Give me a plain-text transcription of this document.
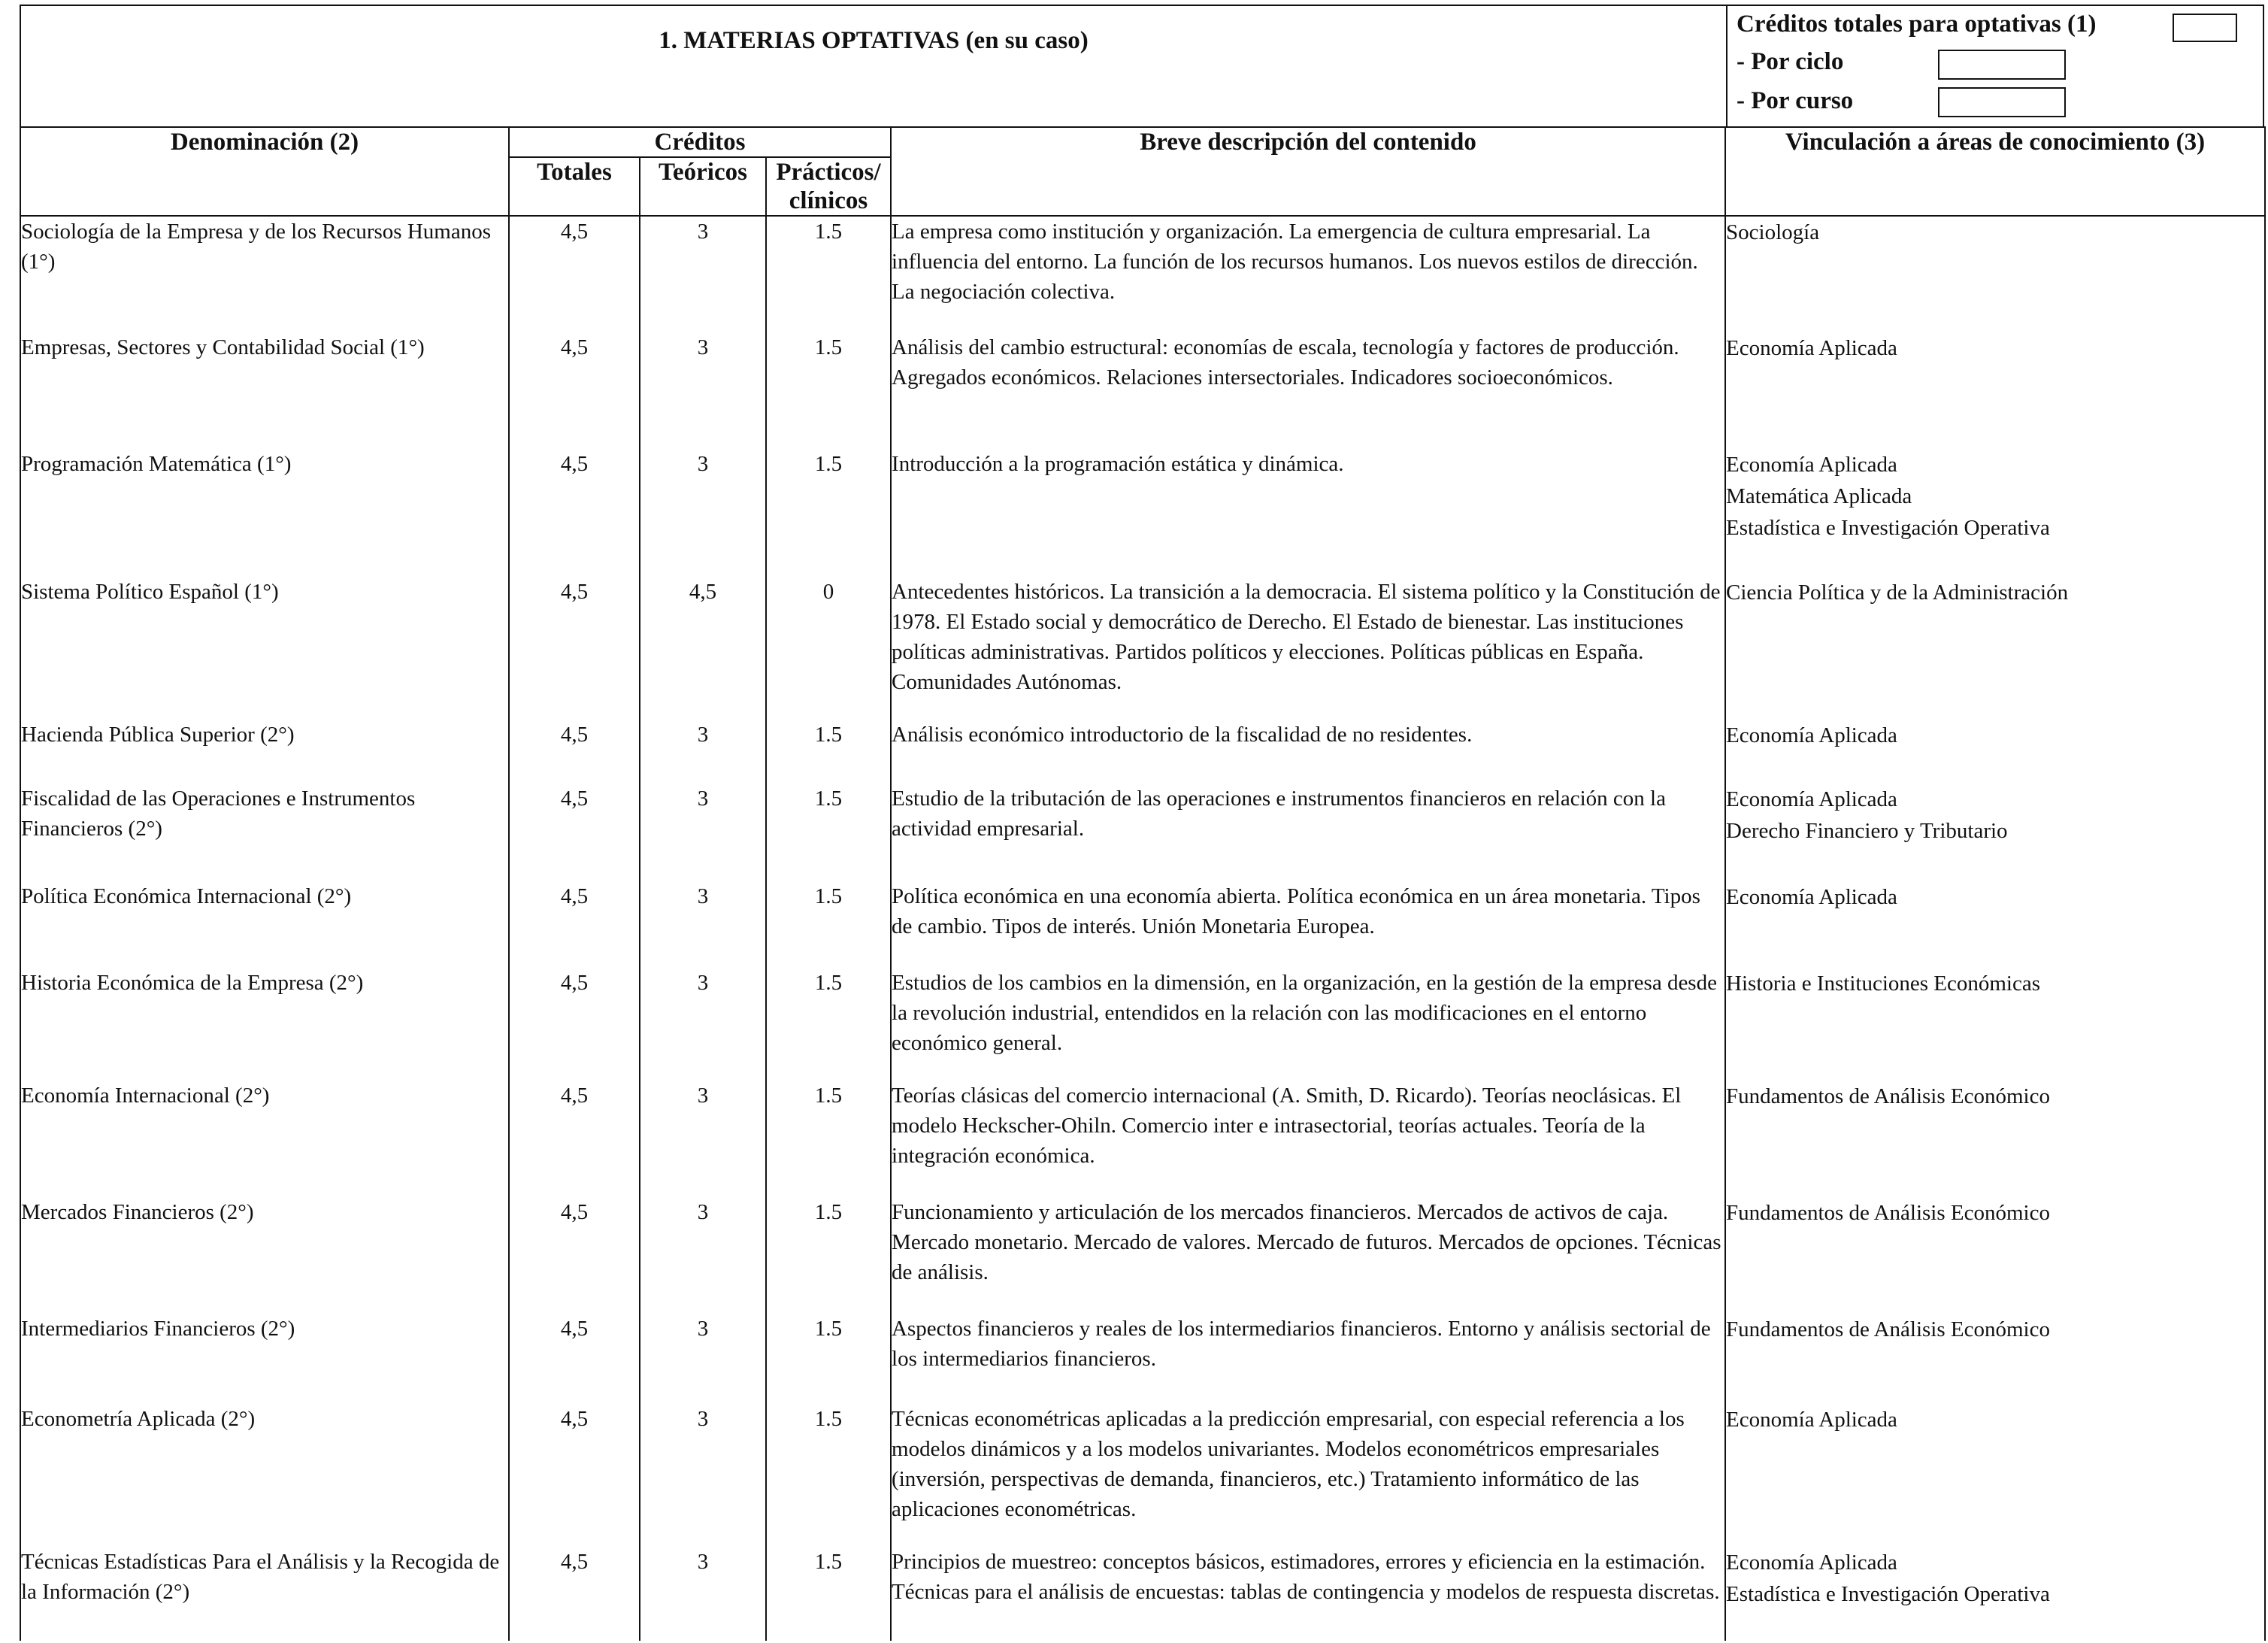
1. MATERIAS OPTATIVAS (en su caso)
Créditos totales para optativas (1)
- Por ciclo
- Por curso
Denominación (2)	Créditos			Breve descripción del contenido	Vinculación a áreas de conocimiento (3)
	Totales	Teóricos	Prácticos/ clínicos		
Sociología de la Empresa y de los Recursos Humanos (1°)	4,5	3	1.5	La empresa como institución y organización. La emergencia de cultura empresarial. La influencia del entorno. La función de los recursos humanos. Los nuevos estilos de dirección. La negociación colectiva.	Sociología

Empresas, Sectores y Contabilidad Social (1°)	4,5	3	1.5	Análisis del cambio estructural: economías de escala, tecnología y factores de producción. Agregados económicos. Relaciones intersectoriales. Indicadores socioeconómicos.	Economía Aplicada

Programación Matemática (1°)	4,5	3	1.5	Introducción a la programación estática y dinámica.	Economía Aplicada
Matemática Aplicada
Estadística e Investigación Operativa

Sistema Político Español (1°)	4,5	4,5	0	Antecedentes históricos. La transición a la democracia. El sistema político y la Constitución de 1978. El Estado social y democrático de Derecho. El Estado de bienestar. Las instituciones políticas administrativas. Partidos políticos y elecciones. Políticas públicas en España. Comunidades Autónomas.	Ciencia Política y de la Administración

Hacienda Pública Superior (2°)	4,5	3	1.5	Análisis económico introductorio de la fiscalidad de no residentes.	Economía Aplicada

Fiscalidad de las Operaciones e Instrumentos Financieros (2°)	4,5	3	1.5	Estudio de la tributación de las operaciones e instrumentos financieros en relación con la actividad empresarial.	Economía Aplicada
Derecho Financiero y Tributario

Política Económica Internacional (2°)	4,5	3	1.5	Política económica en una economía abierta. Política económica en un área monetaria. Tipos de cambio. Tipos de interés. Unión Monetaria Europea.	Economía Aplicada

Historia Económica de la Empresa (2°)	4,5	3	1.5	Estudios de los cambios en la dimensión, en la organización, en la gestión de la empresa desde la revolución industrial, entendidos en la relación con las modificaciones en el entorno económico general.	Historia e Instituciones Económicas

Economía Internacional (2°)	4,5	3	1.5	Teorías clásicas del comercio internacional (A. Smith, D. Ricardo). Teorías neoclásicas. El modelo Heckscher-Ohiln. Comercio inter e intrasectorial, teorías actuales. Teoría de la integración económica.	Fundamentos de Análisis Económico

Mercados Financieros (2°)	4,5	3	1.5	Funcionamiento y articulación de los mercados financieros. Mercados de activos de caja. Mercado monetario. Mercado de valores. Mercado de futuros. Mercados de opciones. Técnicas de análisis.	Fundamentos de Análisis Económico

Intermediarios Financieros (2°)	4,5	3	1.5	Aspectos financieros y reales de los intermediarios financieros. Entorno y análisis sectorial de los intermediarios financieros.	Fundamentos de Análisis Económico

Econometría Aplicada (2°)	4,5	3	1.5	Técnicas econométricas aplicadas a la predicción empresarial, con especial referencia a los modelos dinámicos y a los modelos univariantes. Modelos econométricos empresariales (inversión, perspectivas de demanda, financieros, etc.) Tratamiento informático de las aplicaciones econométricas.	Economía Aplicada

Técnicas Estadísticas Para el Análisis y la Recogida de la Información (2°)	4,5	3	1.5	Principios de muestreo: conceptos básicos, estimadores, errores y eficiencia en la estimación. Técnicas para el análisis de encuestas: tablas de contingencia y modelos de respuesta discretas.	Economía Aplicada
Estadística e Investigación Operativa
